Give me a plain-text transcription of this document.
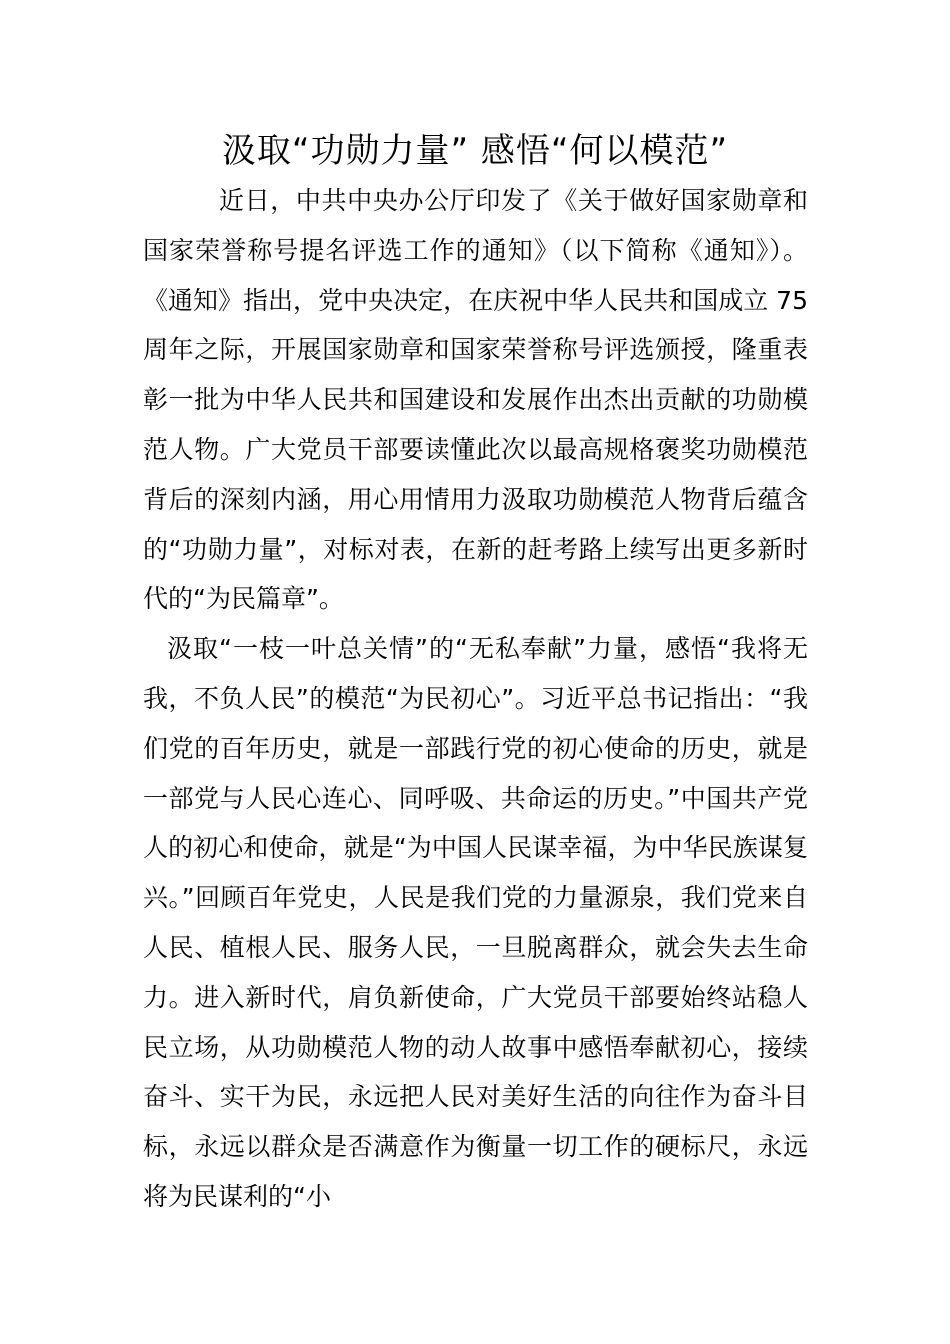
汲取“功勋力量” 感悟“何以模范”

近日，中共中央办公厅印发了《关于做好国家勋章和国家荣誉称号提名评选工作的通知》（以下简称《通知》）。《通知》指出，党中央决定，在庆祝中华人民共和国成立 75 周年之际，开展国家勋章和国家荣誉称号评选颁授，隆重表彰一批为中华人民共和国建设和发展作出杰出贡献的功勋模范人物。广大党员干部要读懂此次以最高规格褒奖功勋模范背后的深刻内涵，用心用情用力汲取功勋模范人物背后蕴含的“功勋力量”，对标对表，在新的赶考路上续写出更多新时代的“为民篇章”。

汲取“一枝一叶总关情”的“无私奉献”力量，感悟“我将无我，不负人民”的模范“为民初心”。习近平总书记指出：“我们党的百年历史，就是一部践行党的初心使命的历史，就是一部党与人民心连心、同呼吸、共命运的历史。”中国共产党人的初心和使命，就是“为中国人民谋幸福，为中华民族谋复兴。”回顾百年党史，人民是我们党的力量源泉，我们党来自人民、植根人民、服务人民，一旦脱离群众，就会失去生命力。进入新时代，肩负新使命，广大党员干部要始终站稳人民立场，从功勋模范人物的动人故事中感悟奉献初心，接续奋斗、实干为民，永远把人民对美好生活的向往作为奋斗目标，永远以群众是否满意作为衡量一切工作的硬标尺，永远将为民谋利的“小
